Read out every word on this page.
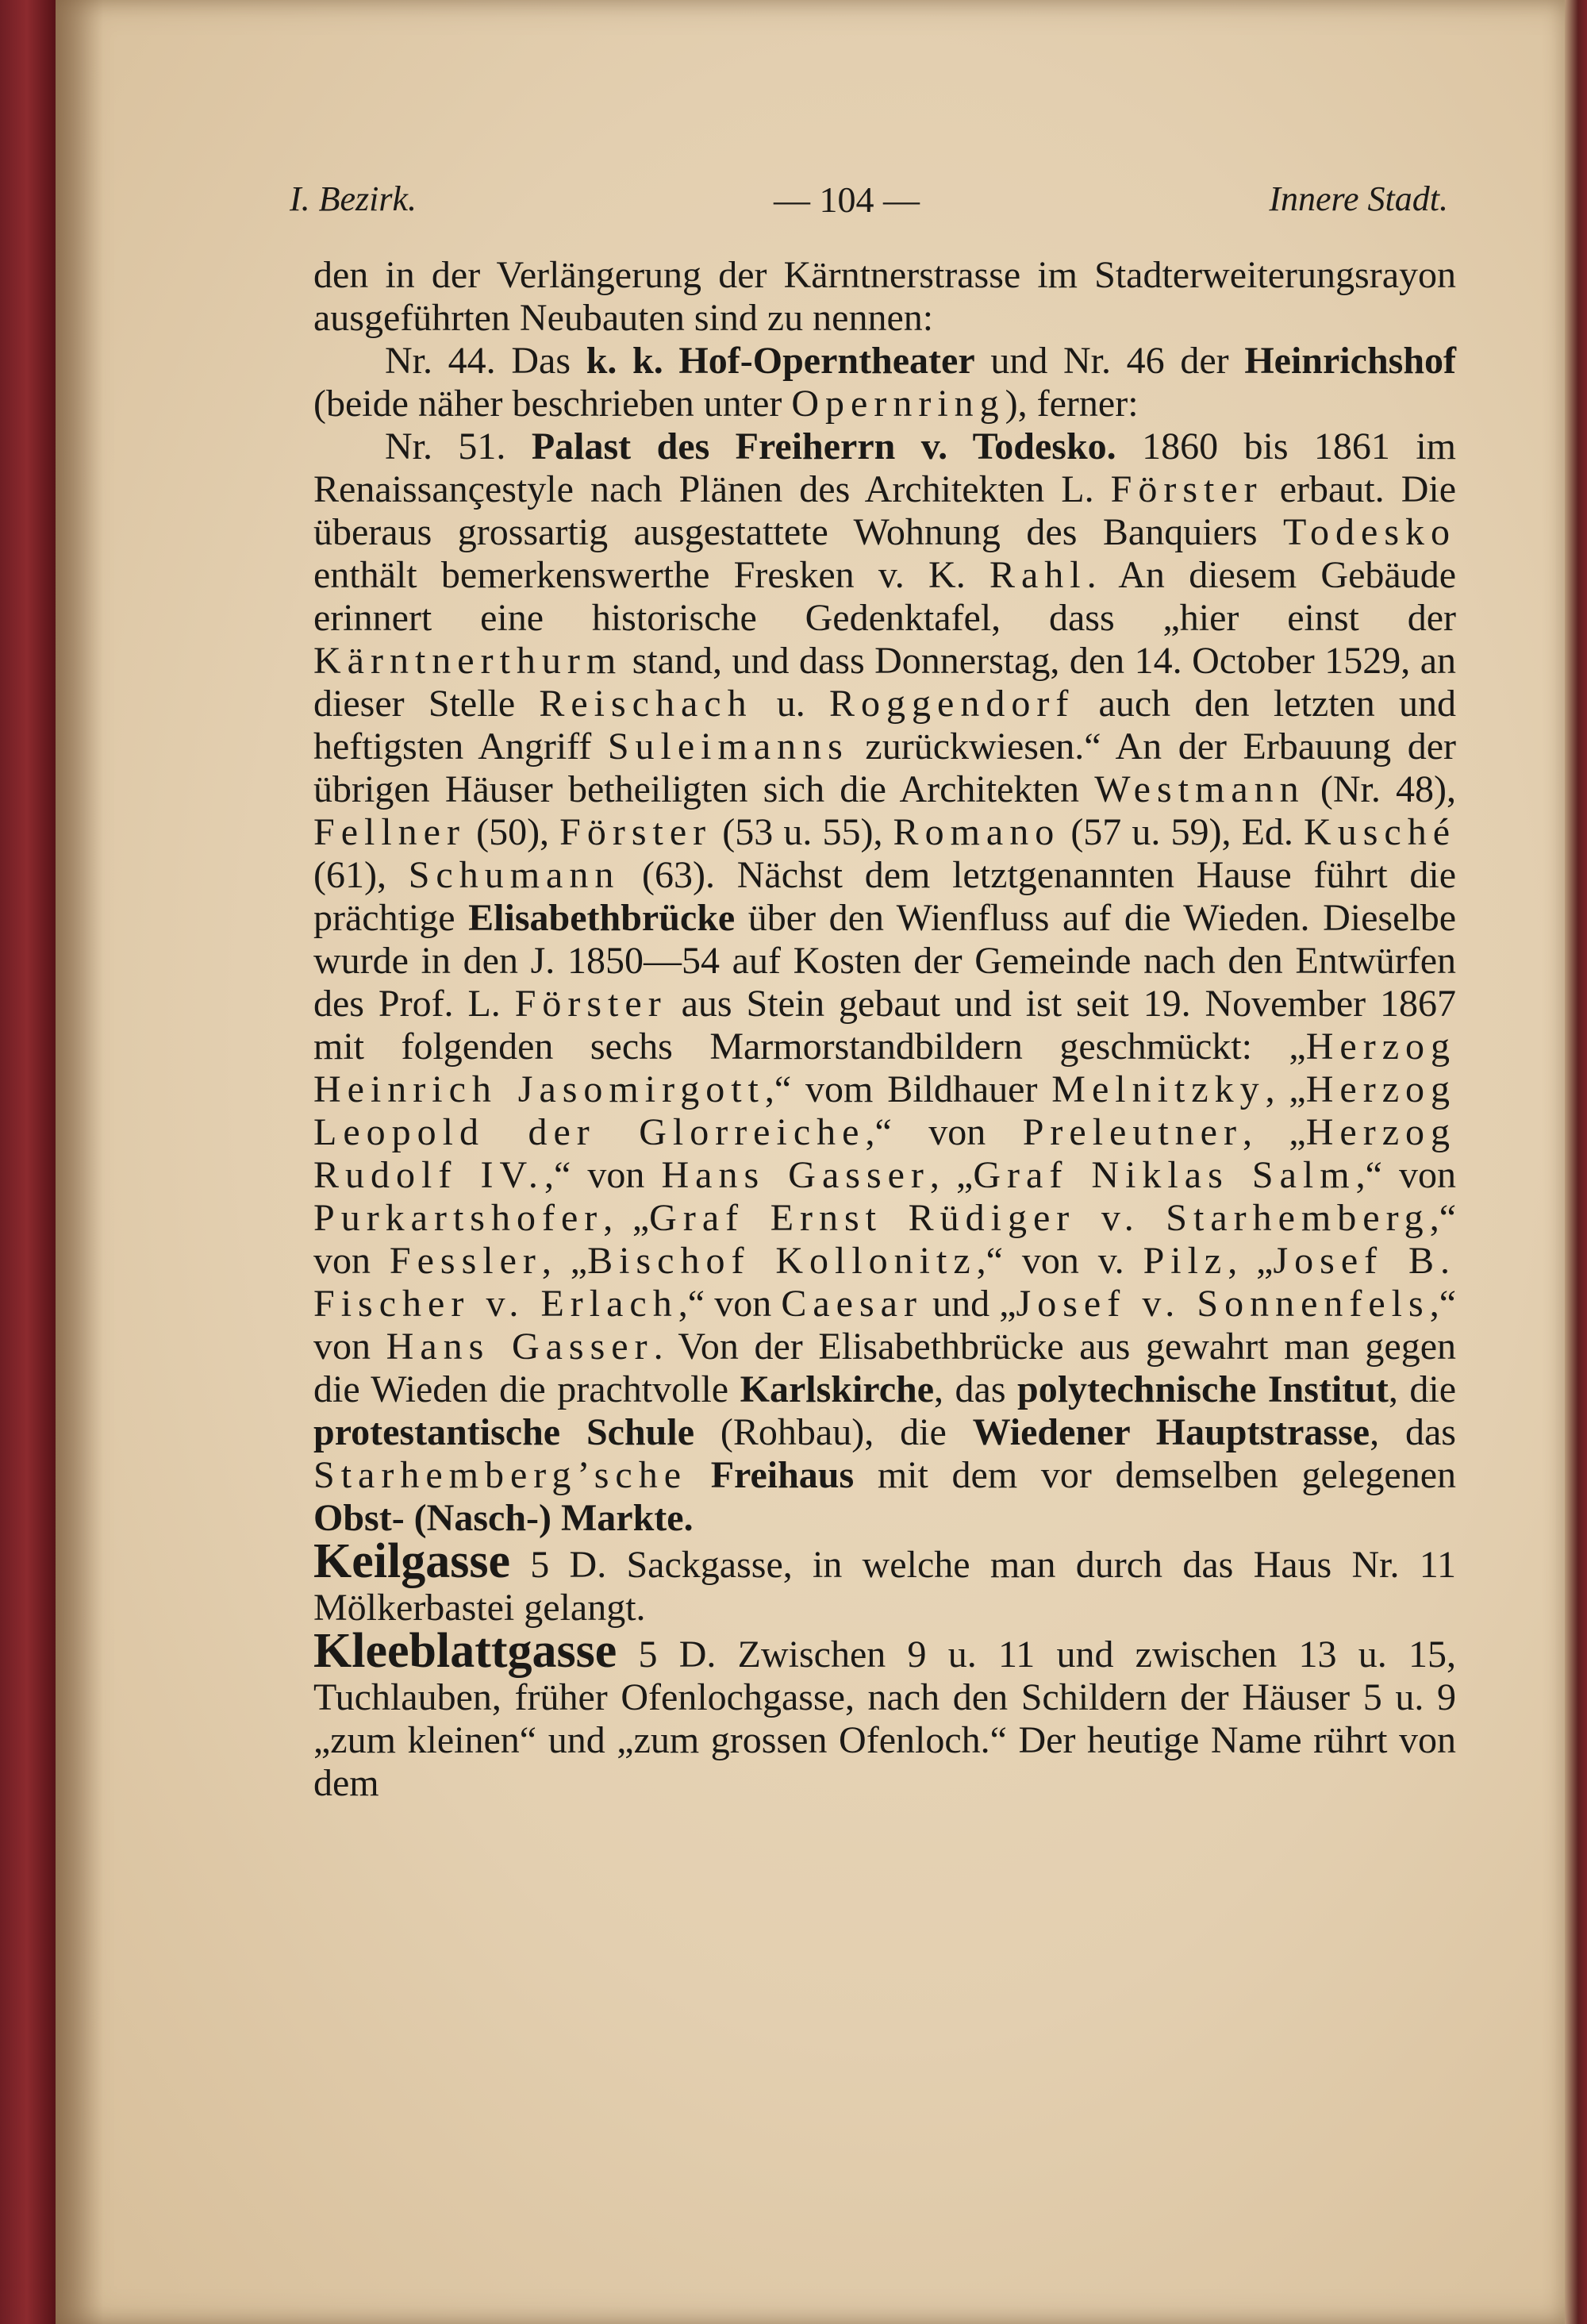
I. Bezirk.	— 104 —	Innere Stadt.

den in der Verlängerung der Kärntnerstrasse im Stadterweiterungsrayon ausgeführten Neubauten sind zu nennen:

Nr. 44. Das k. k. Hof-Operntheater und Nr. 46 der Heinrichshof (beide näher beschrieben unter Opernring), ferner:

Nr. 51. Palast des Freiherrn v. Todesko. 1860 bis 1861 im Renaissançestyle nach Plänen des Architekten L. Förster erbaut. Die überaus grossartig ausgestattete Wohnung des Banquiers Todesko enthält bemerkenswerthe Fresken v. K. Rahl. An diesem Gebäude erinnert eine historische Gedenktafel, dass „hier einst der Kärntnerthurm stand, und dass Donnerstag, den 14. October 1529, an dieser Stelle Reischach u. Roggendorf auch den letzten und heftigsten Angriff Suleimanns zurückwiesen.“ An der Erbauung der übrigen Häuser betheiligten sich die Architekten Westmann (Nr. 48), Fellner (50), Förster (53 u. 55), Romano (57 u. 59), Ed. Kusché (61), Schumann (63). Nächst dem letztgenannten Hause führt die prächtige Elisabethbrücke über den Wienfluss auf die Wieden. Dieselbe wurde in den J. 1850—54 auf Kosten der Gemeinde nach den Entwürfen des Prof. L. Förster aus Stein gebaut und ist seit 19. November 1867 mit folgenden sechs Marmorstandbildern geschmückt: „Herzog Heinrich Jasomirgott,“ vom Bildhauer Melnitzky, „Herzog Leopold der Glorreiche,“ von Preleutner, „Herzog Rudolf IV.,“ von Hans Gasser, „Graf Niklas Salm,“ von Purkartshofer, „Graf Ernst Rüdiger v. Starhemberg,“ von Fessler, „Bischof Kollonitz,“ von v. Pilz, „Josef B. Fischer v. Erlach,“ von Caesar und „Josef v. Sonnenfels,“ von Hans Gasser. Von der Elisabethbrücke aus gewahrt man gegen die Wieden die prachtvolle Karlskirche, das polytechnische Institut, die protestantische Schule (Rohbau), die Wiedener Hauptstrasse, das Starhemberg’sche Freihaus mit dem vor demselben gelegenen Obst- (Nasch-) Markte.

Keilgasse 5 D. Sackgasse, in welche man durch das Haus Nr. 11 Mölkerbastei gelangt.

Kleeblattgasse 5 D. Zwischen 9 u. 11 und zwischen 13 u. 15, Tuchlauben, früher Ofenlochgasse, nach den Schildern der Häuser 5 u. 9 „zum kleinen“ und „zum grossen Ofenloch.“ Der heutige Name rührt von dem
